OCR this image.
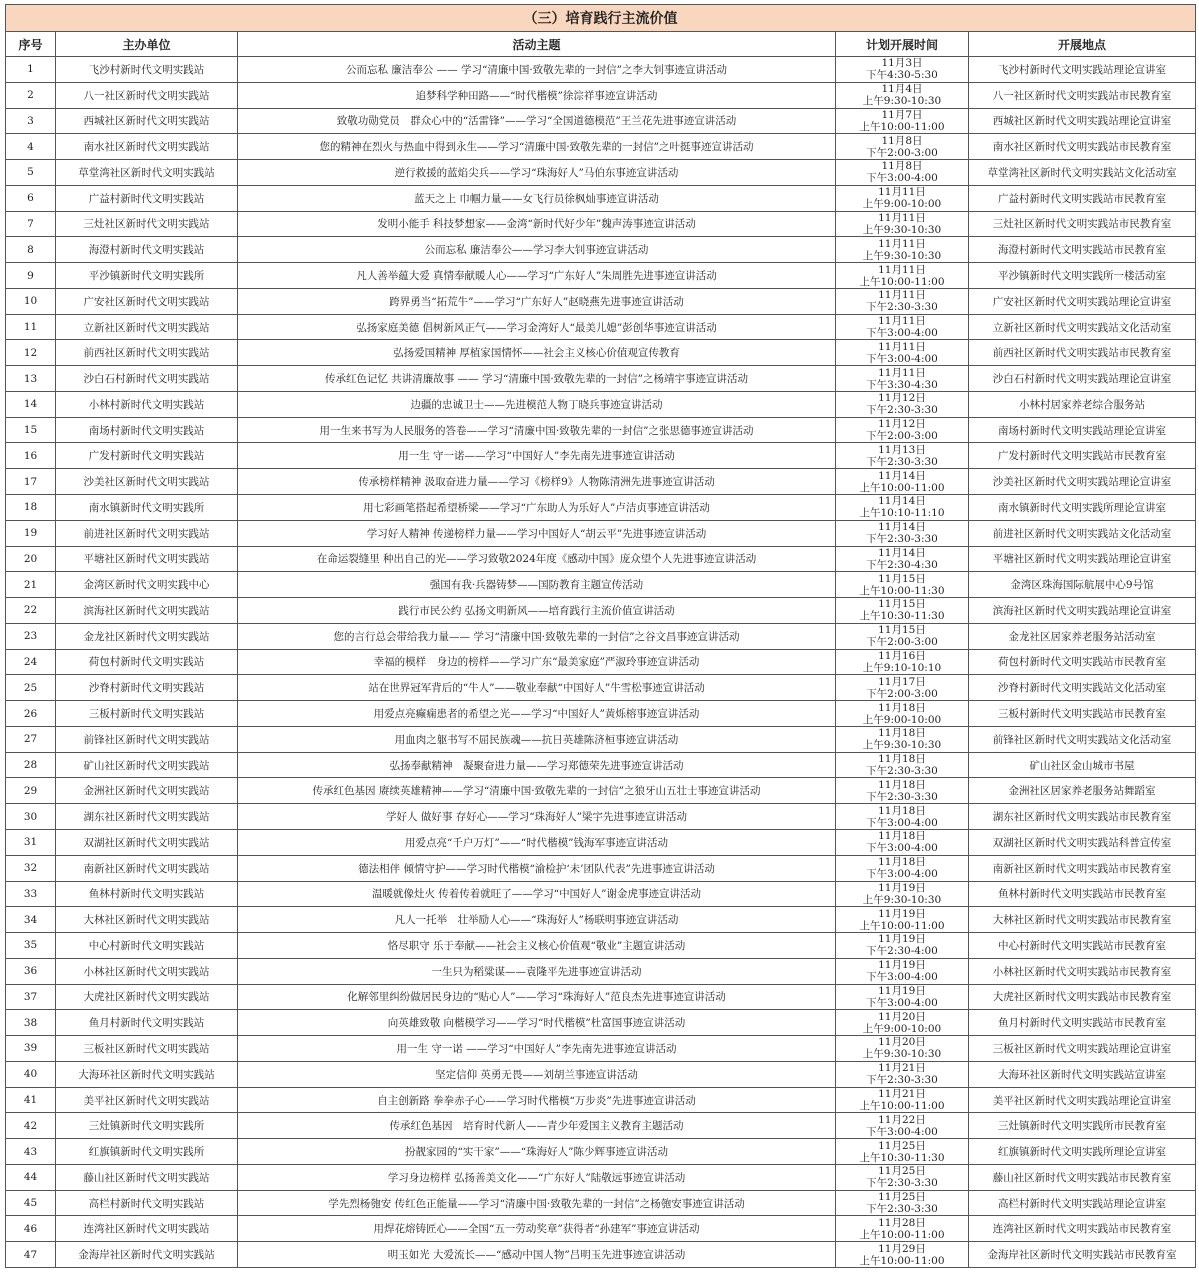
（三）培育践行主流价值				
序号	主办单位	活动主题	计划开展时间	开展地点
1	飞沙村新时代文明实践站	公而忘私 廉洁奉公 —— 学习“清廉中国·致敬先辈的一封信”之李大钊事迹宣讲活动	11月3日
下午4:30-5:30	飞沙村新时代文明实践站理论宣讲室
2	八一社区新时代文明实践站	追梦科学种田路——“时代楷模”徐淙祥事迹宣讲活动	11月4日
上午9:30-10:30	八一社区新时代文明实践站市民教育室
3	西城社区新时代文明实践站	致敬功勋党员　群众心中的“活雷锋”——学习“全国道德模范”王兰花先进事迹宣讲活动	11月7日
上午10:00-11:00	西城社区新时代文明实践站理论宣讲室
4	南水社区新时代文明实践站	您的精神在烈火与热血中得到永生——学习“清廉中国·致敬先辈的一封信”之叶挺事迹宣讲活动	11月8日
下午2:00-3:00	南水社区新时代文明实践站市民教育室
5	草堂湾社区新时代文明实践站	逆行救援的蓝焰尖兵——学习“珠海好人”马伯东事迹宣讲活动	11月8日
下午3:00-4:00	草堂湾社区新时代文明实践站文化活动室
6	广益村新时代文明实践站	蓝天之上 巾帼力量——女飞行员徐枫灿事迹宣讲活动	11月11日
上午9:00-10:00	广益村新时代文明实践站市民教育室
7	三灶社区新时代文明实践站	发明小能手 科技梦想家——金湾“新时代好少年”魏声涛事迹宣讲活动	11月11日
上午9:30-10:30	三灶社区新时代文明实践站市民教育室
8	海澄村新时代文明实践站	公而忘私 廉洁奉公——学习李大钊事迹宣讲活动	11月11日
上午9:30-10:30	海澄村新时代文明实践站市民教育室
9	平沙镇新时代文明实践所	凡人善举蕴大爱 真情奉献暖人心——学习“广东好人”朱周胜先进事迹宣讲活动	11月11日
上午10:00-11:00	平沙镇新时代文明实践所一楼活动室
10	广安社区新时代文明实践站	跨界勇当“拓荒牛”——学习“广东好人”赵晓燕先进事迹宣讲活动	11月11日
下午2:30-3:30	广安社区新时代文明实践站理论宣讲室
11	立新社区新时代文明实践站	弘扬家庭美德 倡树新风正气——学习金湾好人“最美儿媳”彭创华事迹宣讲活动	11月11日
下午3:00-4:00	立新社区新时代文明实践站文化活动室
12	前西社区新时代文明实践站	弘扬爱国精神 厚植家国情怀——社会主义核心价值观宣传教育	11月11日
下午3:00-4:00	前西社区新时代文明实践站市民教育室
13	沙白石村新时代文明实践站	传承红色记忆 共讲清廉故事 —— 学习“清廉中国·致敬先辈的一封信”之杨靖宇事迹宣讲活动	11月11日
下午3:30-4:30	沙白石村新时代文明实践站理论宣讲室
14	小林村新时代文明实践站	边疆的忠诚卫士——先进模范人物丁晓兵事迹宣讲活动	11月12日
下午2:30-3:30	小林村居家养老综合服务站
15	南场村新时代文明实践站	用一生来书写为人民服务的答卷——学习“清廉中国·致敬先辈的一封信”之张思德事迹宣讲活动	11月12日
下午2:00-3:00	南场村新时代文明实践站理论宣讲室
16	广发村新时代文明实践站	用一生 守一诺——学习“中国好人”李先南先进事迹宣讲活动	11月13日
下午2:30-3:30	广发村新时代文明实践站市民教育室
17	沙美社区新时代文明实践站	传承榜样精神 汲取奋进力量——学习《榜样9》人物陈清洲先进事迹宣讲活动	11月14日
上午10:00-11:00	沙美社区新时代文明实践站理论宣讲室
18	南水镇新时代文明实践所	用七彩画笔搭起希望桥梁——学习“广东助人为乐好人”卢洁贞事迹宣讲活动	11月14日
上午10:10-11:10	南水镇新时代文明实践所理论宣讲室
19	前进社区新时代文明实践站	学习好人精神 传递榜样力量——学习中国好人“胡云平”先进事迹宣讲活动	11月14日
下午2:30-3:30	前进社区新时代文明实践站文化活动室
20	平塘社区新时代文明实践站	在命运裂缝里 种出自己的光——学习致敬2024年度《感动中国》庞众望个人先进事迹宣讲活动	11月14日
下午2:30-4:30	平塘社区新时代文明实践站理论宣讲室
21	金湾区新时代文明实践中心	强国有我·兵器铸梦——国防教育主题宣传活动	11月15日
上午10:00-11:30	金湾区珠海国际航展中心9号馆
22	滨海社区新时代文明实践站	践行市民公约 弘扬文明新风——培育践行主流价值宣讲活动	11月15日
上午10:30-11:30	滨海社区新时代文明实践站理论宣讲室
23	金龙社区新时代文明实践站	您的言行总会带给我力量—— 学习“清廉中国·致敬先辈的一封信”之谷文昌事迹宣讲活动	11月15日
下午2:00-3:00	金龙社区居家养老服务站活动室
24	荷包村新时代文明实践站	幸福的模样　身边的榜样——学习广东“最美家庭”严淑玲事迹宣讲活动	11月16日
上午9:10-10:10	荷包村新时代文明实践站市民教育室
25	沙脊村新时代文明实践站	站在世界冠军背后的“牛人”——敬业奉献“中国好人”牛雪松事迹宣讲活动	11月17日
下午2:00-3:00	沙脊村新时代文明实践站文化活动室
26	三板村新时代文明实践站	用爱点亮癫痫患者的希望之光——学习“中国好人”黄烁榕事迹宣讲活动	11月18日
上午9:00-10:00	三板村新时代文明实践站市民教育室
27	前锋社区新时代文明实践站	用血肉之躯书写不屈民族魂——抗日英雄陈济桓事迹宣讲活动	11月18日
上午9:30-10:30	前锋社区新时代文明实践站文化活动室
28	矿山社区新时代文明实践站	弘扬奉献精神　凝聚奋进力量——学习郑德荣先进事迹宣讲活动	11月18日
下午2:30-3:30	矿山社区金山城市书屋
29	金洲社区新时代文明实践站	传承红色基因 赓续英雄精神——学习“清廉中国·致敬先辈的一封信”之狼牙山五壮士事迹宣讲活动	11月18日
下午2:30-3:30	金洲社区居家养老服务站舞蹈室
30	湖东社区新时代文明实践站	学好人 做好事 存好心——学习“珠海好人”梁宇先进事迹宣讲活动	11月18日
下午3:00-4:00	湖东社区新时代文明实践站市民教育室
31	双湖社区新时代文明实践站	用爱点亮“千户万灯”——“时代楷模”钱海军事迹宣讲活动	11月18日
下午3:00-4:00	双湖社区新时代文明实践站科普宣传室
32	南新社区新时代文明实践站	德法相伴 倾情守护——学习时代楷模“渝检护‘未’团队代表”先进事迹宣讲活动	11月18日
下午3:00-4:00	南新社区新时代文明实践站市民教育室
33	鱼林村新时代文明实践站	温暖就像灶火 传着传着就旺了——学习“中国好人”谢金虎事迹宣讲活动	11月19日
上午9:30-10:30	鱼林村新时代文明实践站市民教育室
34	大林社区新时代文明实践站	凡人一托举　壮举励人心——“珠海好人”杨联明事迹宣讲活动	11月19日
上午10:00-11:00	大林社区新时代文明实践站市民教育室
35	中心村新时代文明实践站	恪尽职守 乐于奉献——社会主义核心价值观“敬业”主题宣讲活动	11月19日
下午2:30-4:00	中心村新时代文明实践站市民教育室
36	小林社区新时代文明实践站	一生只为稻粱谋——袁隆平先进事迹宣讲活动	11月19日
下午3:00-4:00	小林社区新时代文明实践站市民教育室
37	大虎社区新时代文明实践站	化解邻里纠纷做居民身边的“贴心人”——学习“珠海好人”范良杰先进事迹宣讲活动	11月19日
下午3:00-4:00	大虎社区新时代文明实践站市民教育室
38	鱼月村新时代文明实践站	向英雄致敬 向楷模学习——学习“时代楷模”杜富国事迹宣讲活动	11月20日
上午9:00-10:00	鱼月村新时代文明实践站市民教育室
39	三板社区新时代文明实践站	用一生 守一诺 ——学习“中国好人”李先南先进事迹宣讲活动	11月20日
上午9:30-10:30	三板社区新时代文明实践站理论宣讲室
40	大海环社区新时代文明实践站	坚定信仰 英勇无畏——刘胡兰事迹宣讲活动	11月21日
下午2:30-3:30	大海环社区新时代文明实践站宣讲室
41	美平社区新时代文明实践站	自主创新路 拳拳赤子心——学习时代楷模“万步炎”先进事迹宣讲活动	11月21日
上午10:00-11:00	美平社区新时代文明实践站理论宣讲室
42	三灶镇新时代文明实践所	传承红色基因　培育时代新人——青少年爱国主义教育主题活动	11月22日
下午3:00-4:00	三灶镇新时代文明实践所市民教育室
43	红旗镇新时代文明实践所	扮靓家园的“实干家”——“珠海好人”陈少辉事迹宣讲活动	11月25日
上午10:30-11:30	红旗镇新时代文明实践所理论宣讲室
44	藤山社区新时代文明实践站	学习身边榜样 弘扬善美文化——“广东好人”陆敬远事迹宣讲活动	11月25日
下午2:30-3:30	藤山社区新时代文明实践站市民教育室
45	高栏村新时代文明实践站	学先烈杨匏安 传红色正能量——学习“清廉中国·致敬先辈的一封信”之杨匏安事迹宣讲活动	11月25日
下午2:30-3:30	高栏村新时代文明实践站理论宣讲室
46	连湾社区新时代文明实践站	用焊花熔铸匠心——全国“五一劳动奖章”获得者“孙建军”事迹宣讲活动	11月28日
上午10:00-11:00	连湾社区新时代文明实践站市民教育室
47	金海岸社区新时代文明实践站	明玉如光 大爱流长——“感动中国人物”吕明玉先进事迹宣讲活动	11月29日
上午10:00-11:00	金海岸社区新时代文明实践站市民教育室
